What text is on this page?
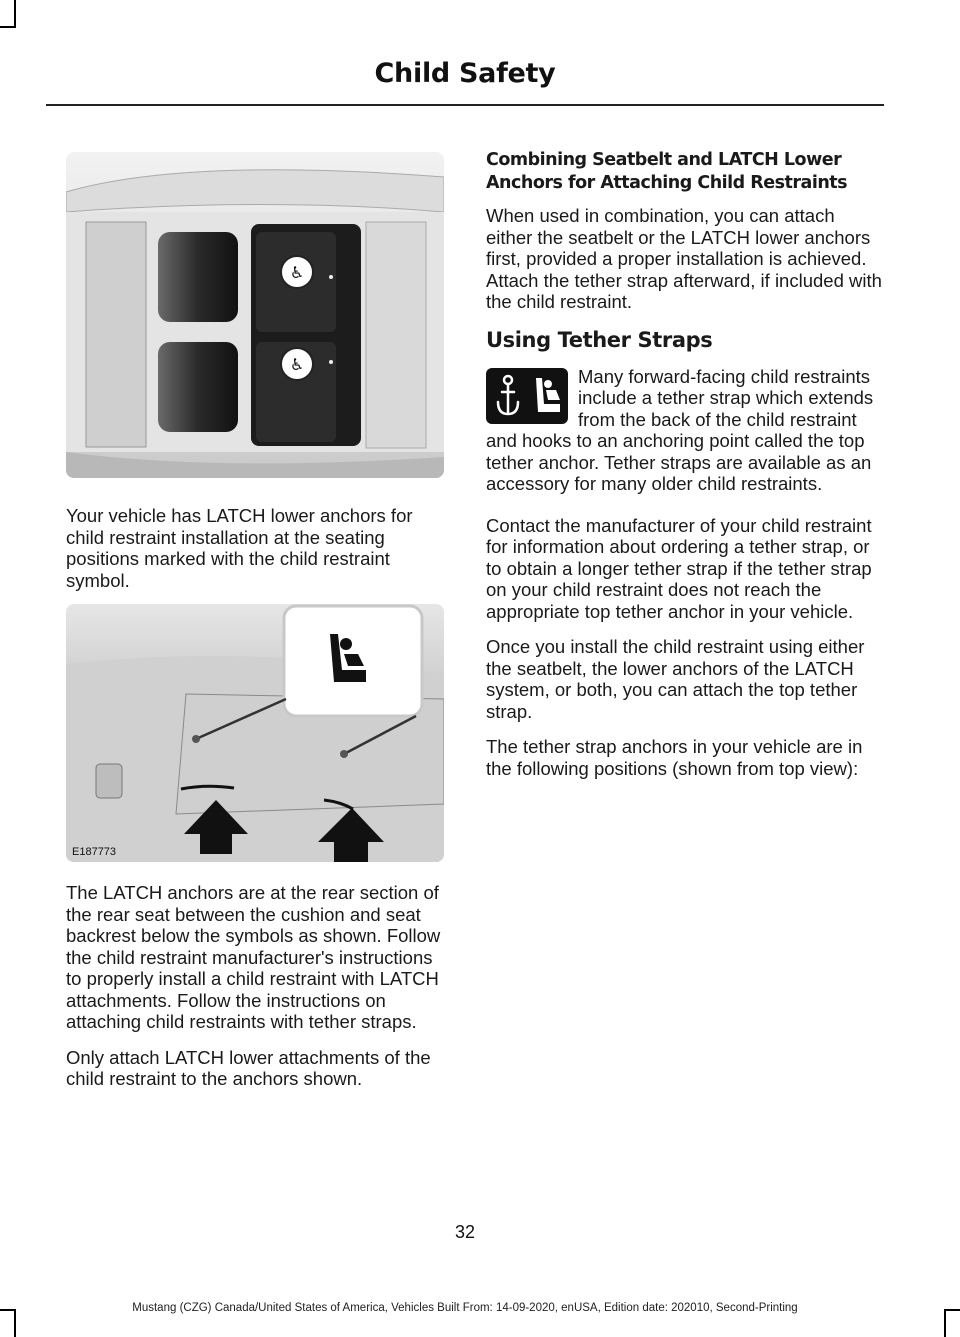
Child Safety
♿
♿

Your vehicle has LATCH lower anchors for child restraint installation at the seating positions marked with the child restraint symbol.

E187773

The LATCH anchors are at the rear section of the rear seat between the cushion and seat backrest below the symbols as shown. Follow the child restraint manufacturer's instructions to properly install a child restraint with LATCH attachments. Follow the instructions on attaching child restraints with tether straps.

Only attach LATCH lower attachments of the child restraint to the anchors shown.

Combining Seatbelt and LATCH Lower Anchors for Attaching Child Restraints

When used in combination, you can attach either the seatbelt or the LATCH lower anchors first, provided a proper installation is achieved. Attach the tether strap afterward, if included with the child restraint.

Using Tether Straps

Many forward-facing child restraints include a tether strap which extends from the back of the child restraint and hooks to an anchoring point called the top tether anchor. Tether straps are available as an accessory for many older child restraints.

Contact the manufacturer of your child restraint for information about ordering a tether strap, or to obtain a longer tether strap if the tether strap on your child restraint does not reach the appropriate top tether anchor in your vehicle.

Once you install the child restraint using either the seatbelt, the lower anchors of the LATCH system, or both, you can attach the top tether strap.

The tether strap anchors in your vehicle are in the following positions (shown from top view):

32
Mustang (CZG) Canada/United States of America, Vehicles Built From: 14-09-2020, enUSA, Edition date: 202010, Second-Printing
